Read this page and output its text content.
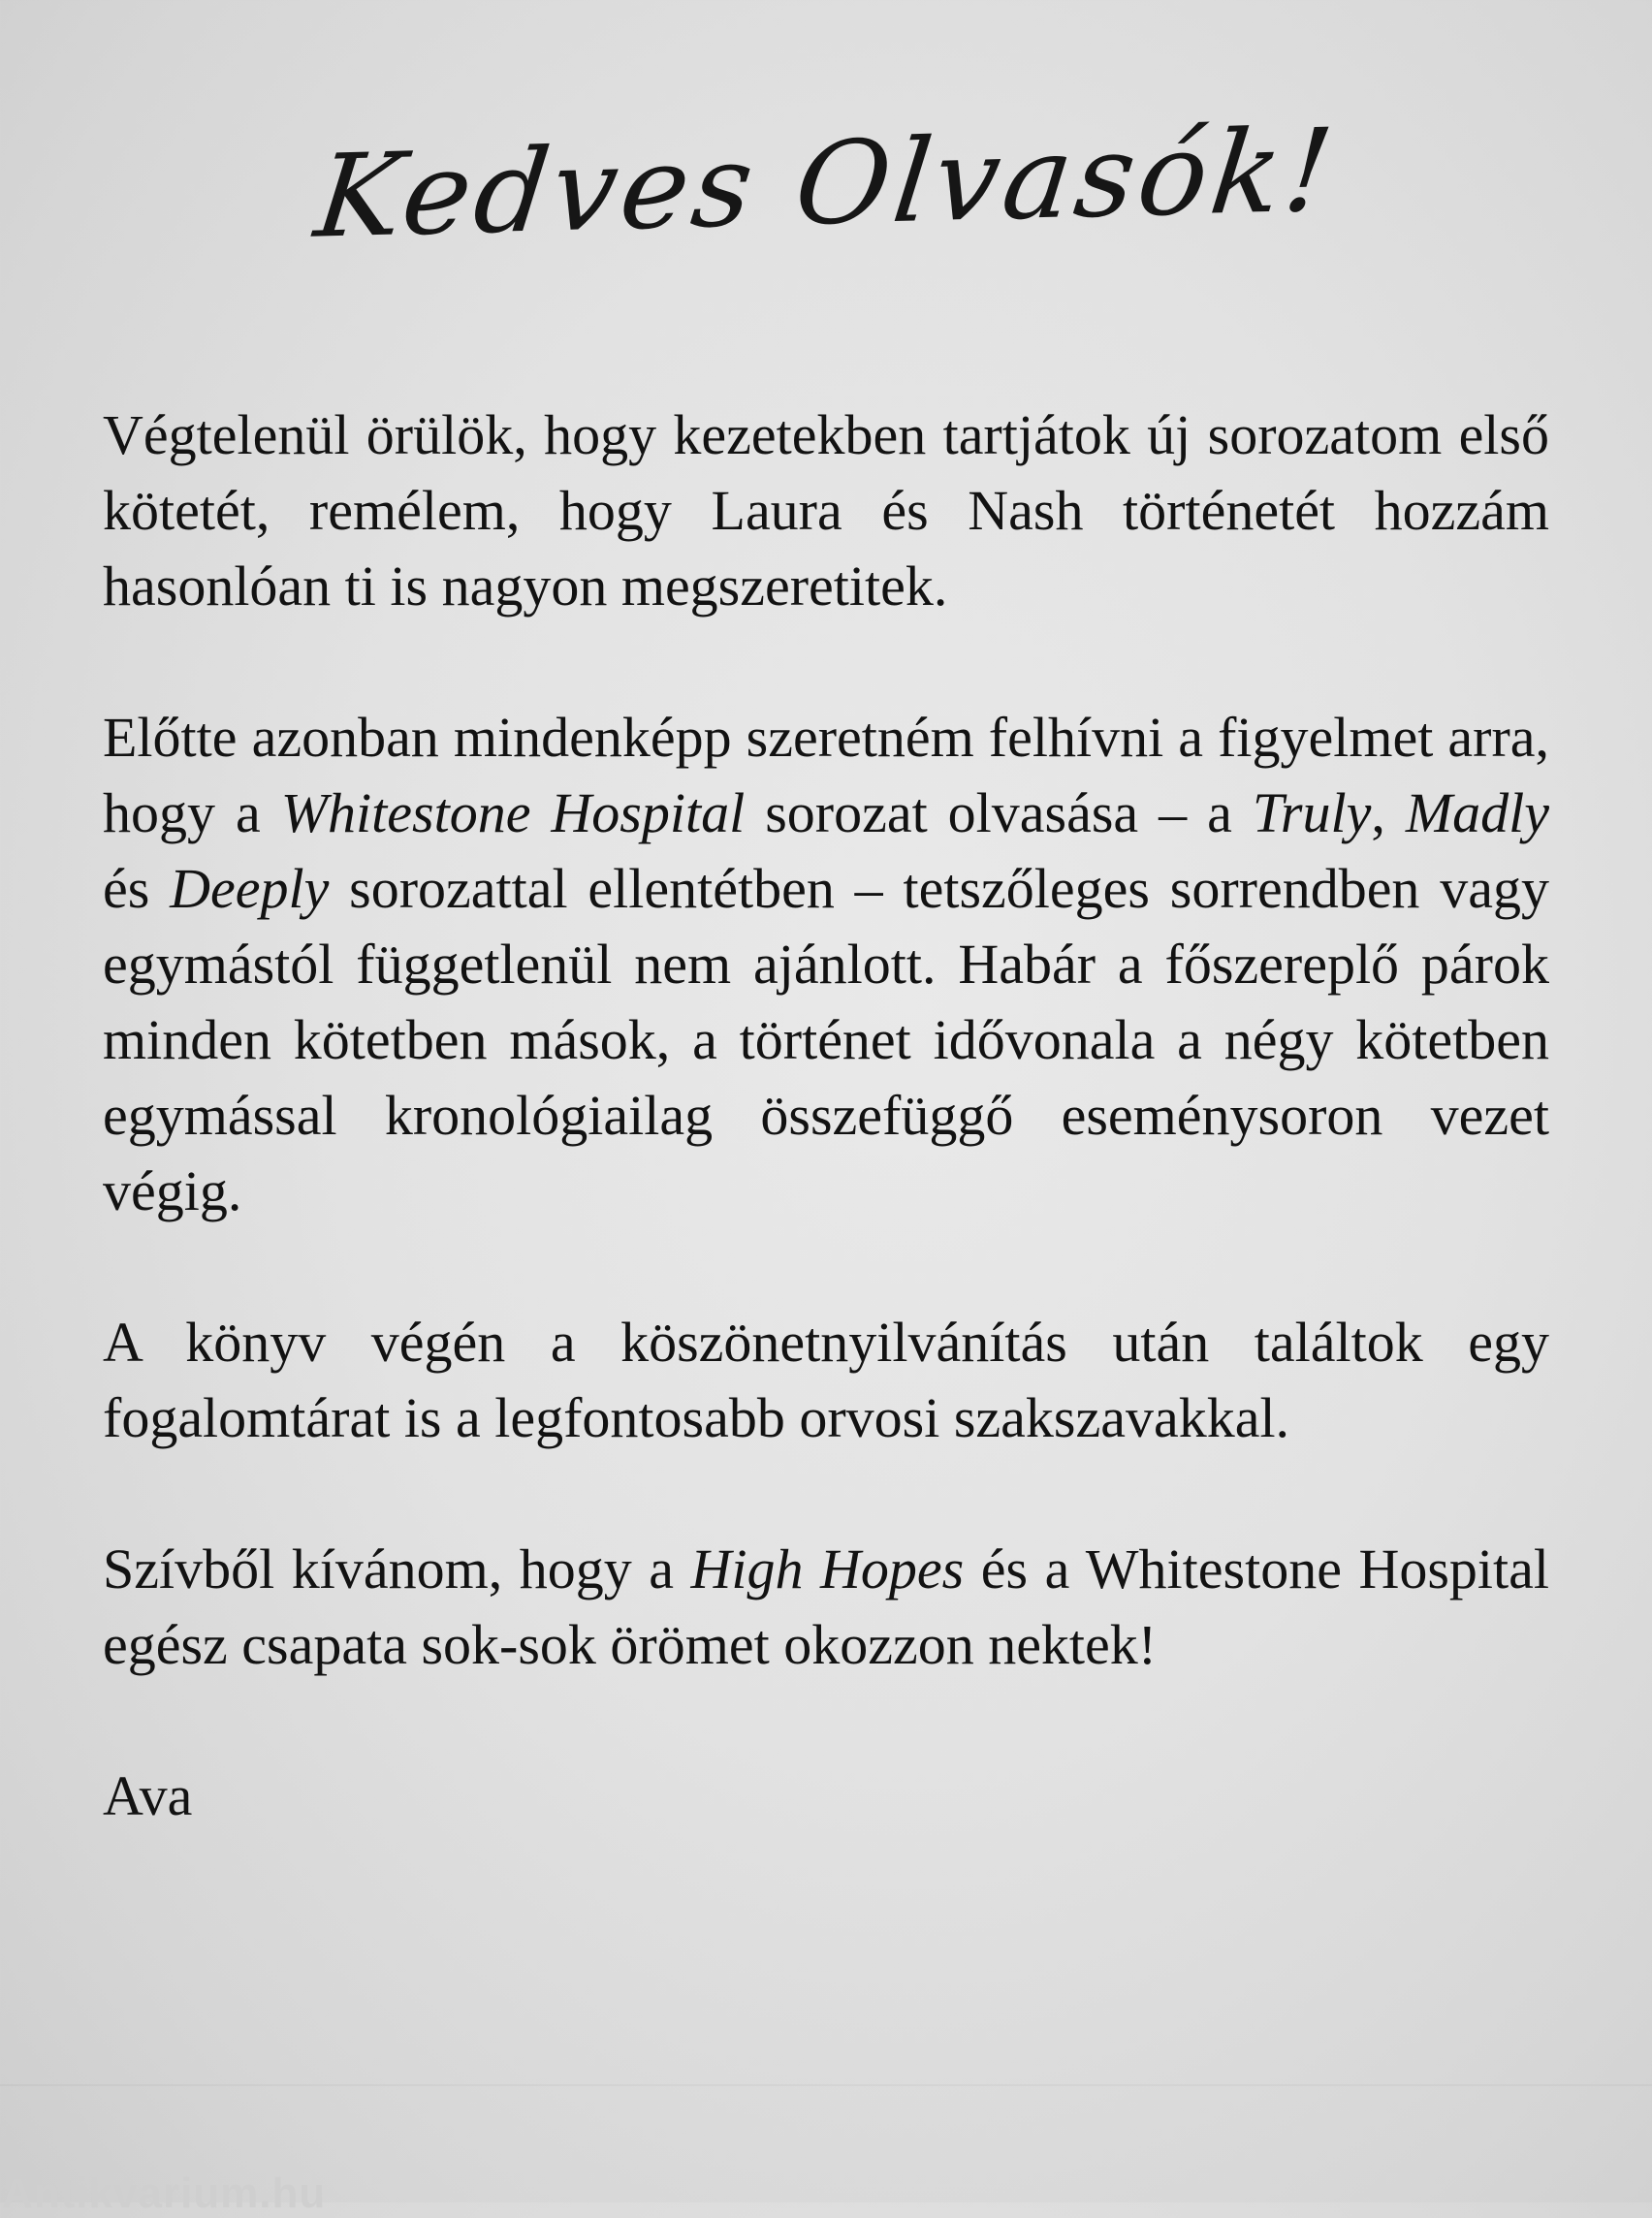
Kedves Olvasók!

Végtelenül örülök, hogy kezetekben tartjátok új sorozatom első kötetét, remélem, hogy Laura és Nash történetét hozzám hasonlóan ti is nagyon megszeretitek.

Előtte azonban mindenképp szeretném felhívni a figyelmet arra, hogy a Whitestone Hospital sorozat olvasása – a Truly, Madly és Deeply sorozattal ellentétben – tetszőleges sorrendben vagy egymástól függetlenül nem ajánlott. Habár a főszereplő párok minden kötetben mások, a történet idővonala a négy kötetben egymással kronológiailag összefüggő eseménysoron vezet végig.

A könyv végén a köszönetnyilvánítás után találtok egy fogalomtárat is a legfontosabb orvosi szakszavakkal.

Szívből kívánom, hogy a High Hopes és a Whitestone Hospital egész csapata sok-sok örömet okozzon nektek!

Ava

Antikvarium.hu
